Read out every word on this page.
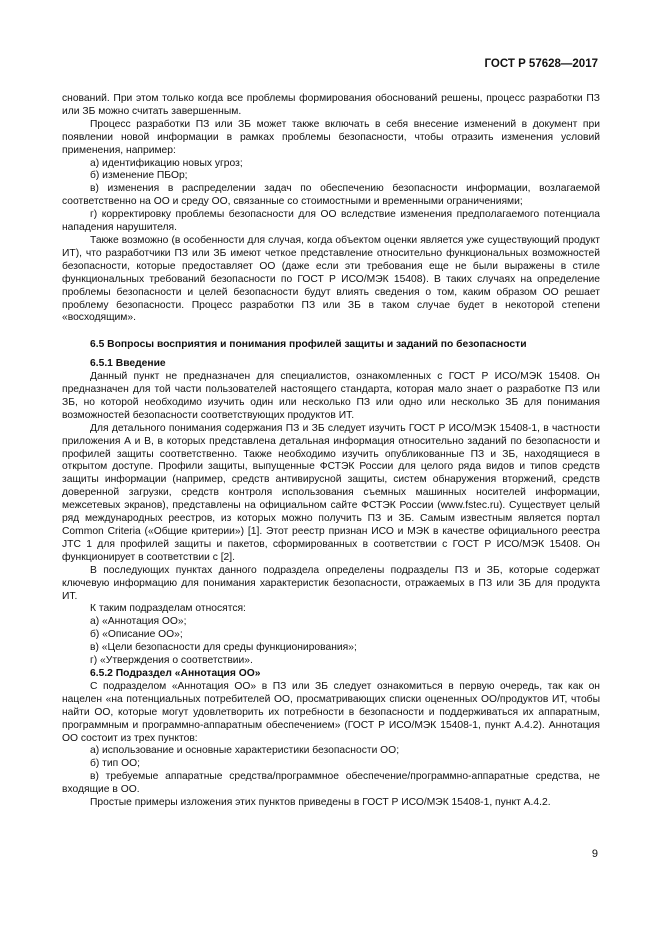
ГОСТ Р 57628—2017

снований. При этом только когда все проблемы формирования обоснований решены, процесс разработки ПЗ или ЗБ можно считать завершенным.

Процесс разработки ПЗ или ЗБ может также включать в себя внесение изменений в документ при появлении новой информации в рамках проблемы безопасности, чтобы отразить изменения условий применения, например:

а) идентификацию новых угроз;

б) изменение ПБОр;

в) изменения в распределении задач по обеспечению безопасности информации, возлагаемой соответственно на ОО и среду ОО, связанные со стоимостными и временными ограничениями;

г) корректировку проблемы безопасности для ОО вследствие изменения предполагаемого потенциала нападения нарушителя.

Также возможно (в особенности для случая, когда объектом оценки является уже существующий продукт ИТ), что разработчики ПЗ или ЗБ имеют четкое представление относительно функциональных возможностей безопасности, которые предоставляет ОО (даже если эти требования еще не были выражены в стиле функциональных требований безопасности по ГОСТ Р ИСО/МЭК 15408). В таких случаях на определение проблемы безопасности и целей безопасности будут влиять сведения о том, каким образом ОО решает проблему безопасности. Процесс разработки ПЗ или ЗБ в таком случае будет в некоторой степени «восходящим».

6.5 Вопросы восприятия и понимания профилей защиты и заданий по безопасности

6.5.1 Введение

Данный пункт не предназначен для специалистов, ознакомленных с ГОСТ Р ИСО/МЭК 15408. Он предназначен для той части пользователей настоящего стандарта, которая мало знает о разработке ПЗ или ЗБ, но которой необходимо изучить один или несколько ПЗ или одно или несколько ЗБ для понимания возможностей безопасности соответствующих продуктов ИТ.

Для детального понимания содержания ПЗ и ЗБ следует изучить ГОСТ Р ИСО/МЭК 15408-1, в частности приложения А и В, в которых представлена детальная информация относительно заданий по безопасности и профилей защиты соответственно. Также необходимо изучить опубликованные ПЗ и ЗБ, находящиеся в открытом доступе. Профили защиты, выпущенные ФСТЭК России для целого ряда видов и типов средств защиты информации (например, средств антивирусной защиты, систем обнаружения вторжений, средств доверенной загрузки, средств контроля использования съемных машинных носителей информации, межсетевых экранов), представлены на официальном сайте ФСТЭК России (www.fstec.ru). Существует целый ряд международных реестров, из которых можно получить ПЗ и ЗБ. Самым известным является портал Common Criteria («Общие критерии») [1]. Этот реестр признан ИСО и МЭК в качестве официального реестра JTC 1 для профилей защиты и пакетов, сформированных в соответствии с ГОСТ Р ИСО/МЭК 15408. Он функционирует в соответствии с [2].

В последующих пунктах данного подраздела определены подразделы ПЗ и ЗБ, которые содержат ключевую информацию для понимания характеристик безопасности, отражаемых в ПЗ или ЗБ для продукта ИТ.

К таким подразделам относятся:

а) «Аннотация ОО»;

б) «Описание ОО»;

в) «Цели безопасности для среды функционирования»;

г) «Утверждения о соответствии».

6.5.2 Подраздел «Аннотация ОО»

С подразделом «Аннотация ОО» в ПЗ или ЗБ следует ознакомиться в первую очередь, так как он нацелен «на потенциальных потребителей ОО, просматривающих списки оцененных ОО/продуктов ИТ, чтобы найти ОО, которые могут удовлетворить их потребности в безопасности и поддерживаться их аппаратным, программным и программно-аппаратным обеспечением» (ГОСТ Р ИСО/МЭК 15408-1, пункт А.4.2). Аннотация ОО состоит из трех пунктов:

а) использование и основные характеристики безопасности ОО;

б) тип ОО;

в) требуемые аппаратные средства/программное обеспечение/программно-аппаратные средства, не входящие в ОО.

Простые примеры изложения этих пунктов приведены в ГОСТ Р ИСО/МЭК 15408-1, пункт А.4.2.

9
